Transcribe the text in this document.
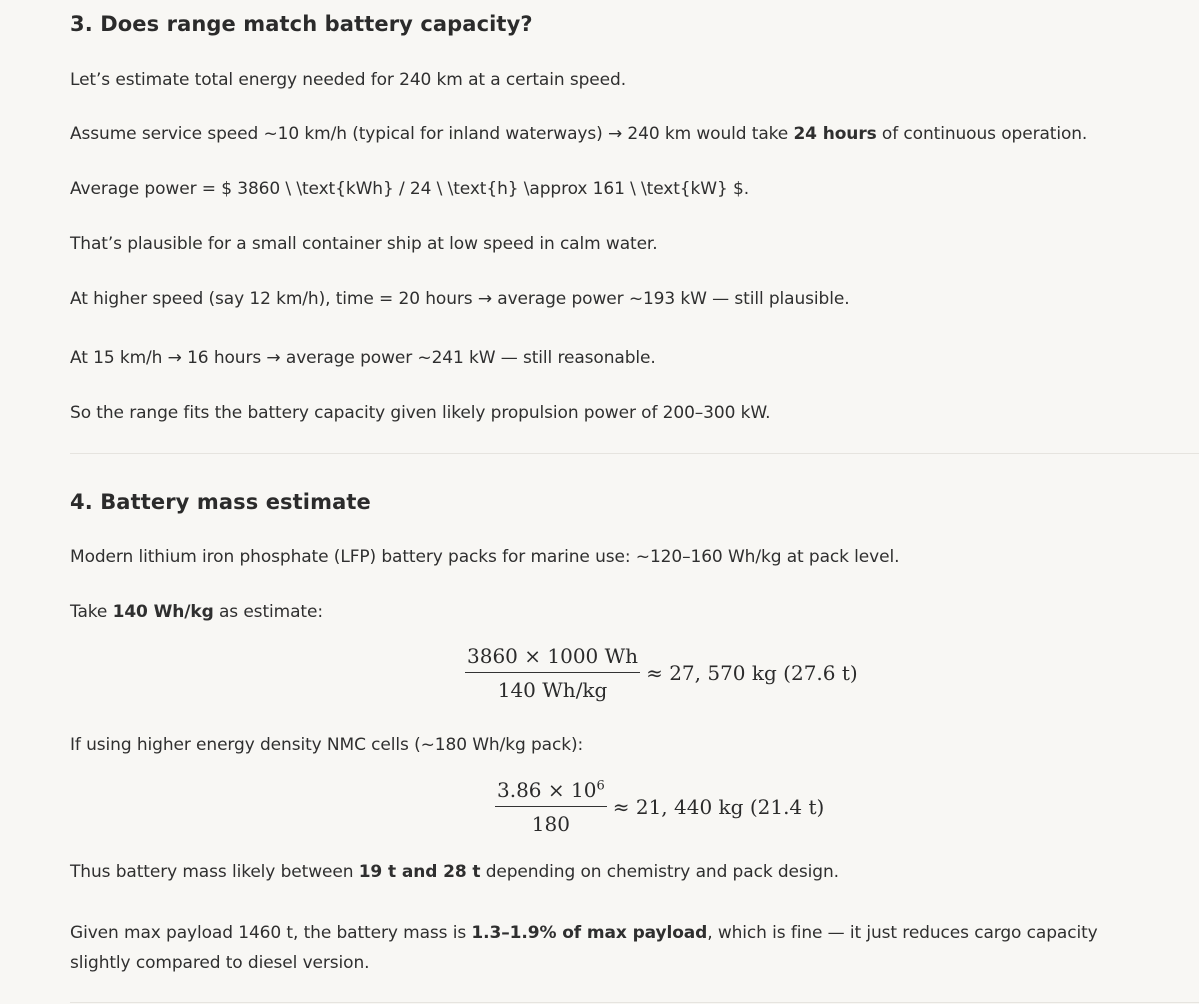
3. Does range match battery capacity?

Let’s estimate total energy needed for 240 km at a certain speed.

Assume service speed ~10 km/h (typical for inland waterways) → 240 km would take 24 hours of continuous operation.

Average power = $ 3860 \ \text{kWh} / 24 \ \text{h} \approx 161 \ \text{kW} $.

That’s plausible for a small container ship at low speed in calm water.

At higher speed (say 12 km/h), time = 20 hours → average power ~193 kW — still plausible.

At 15 km/h → 16 hours → average power ~241 kW — still reasonable.

So the range fits the battery capacity given likely propulsion power of 200–300 kW.

4. Battery mass estimate

Modern lithium iron phosphate (LFP) battery packs for marine use: ~120–160 Wh/kg at pack level.

Take 140 Wh/kg as estimate:

$\frac{3860 \times 1000 Wh}{140 Wh/kg} \approx 27$, 570 kg (27.6 t)

If using higher energy density NMC cells (~180 Wh/kg pack):

$\frac{3.86 \times 10^6}{180} \approx 21$, 440 kg (21.4 t)

Thus battery mass likely between 19 t and 28 t depending on chemistry and pack design.

Given max payload 1460 t, the battery mass is 1.3–1.9% of max payload, which is fine — it just reduces cargo capacity slightly compared to diesel version.
